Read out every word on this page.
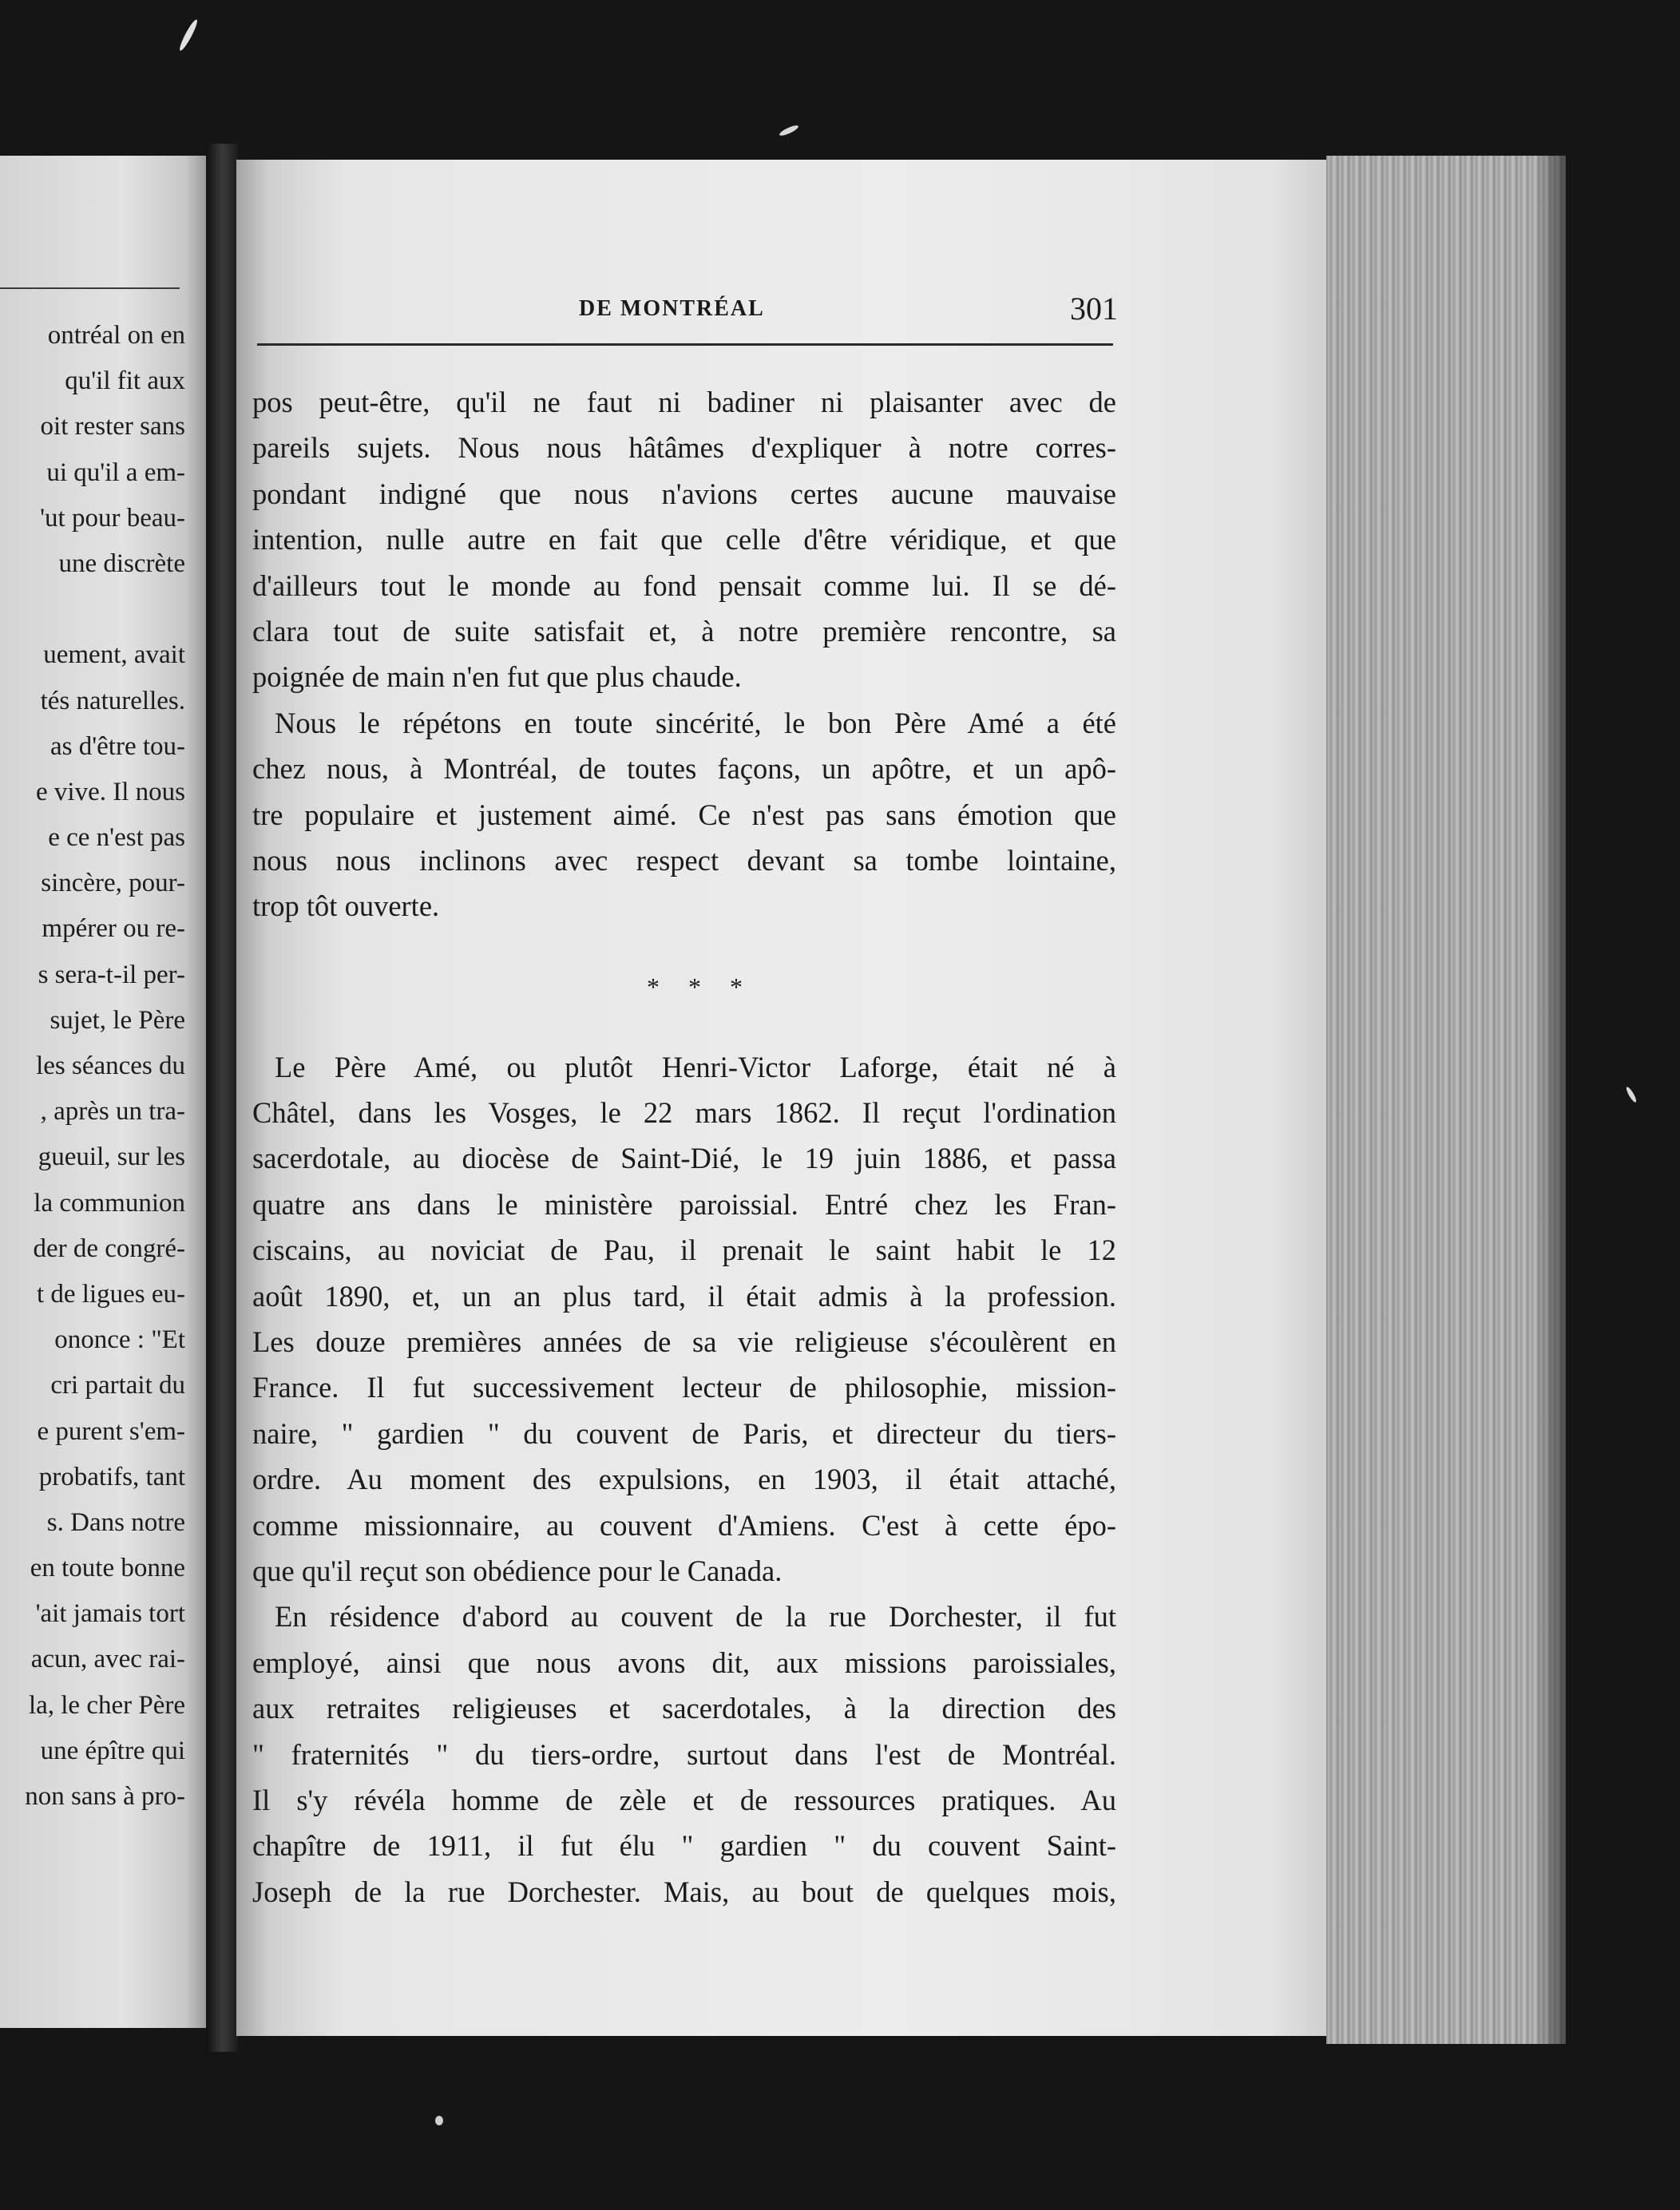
ontréal on en
qu'il fit aux
oit rester sans
ui qu'il a em-
'ut pour beau-
une discrète
uement, avait
tés naturelles.
as d'être tou-
e vive. Il nous
e ce n'est pas
sincère, pour-
mpérer ou re-
s sera-t-il per-
sujet, le Père
les séances du
, après un tra-
gueuil, sur les
la communion
der de congré-
t de ligues eu-
ononce : "Et
cri partait du
e purent s'em-
probatifs, tant
s. Dans notre
en toute bonne
'ait jamais tort
acun, avec rai-
la, le cher Père
une épître qui
non sans à pro-
DE MONTRÉAL	301
pos peut-être, qu'il ne faut ni badiner ni plaisanter avec de
pareils sujets. Nous nous hâtâmes d'expliquer à notre corres-
pondant indigné que nous n'avions certes aucune mauvaise
intention, nulle autre en fait que celle d'être véridique, et que
d'ailleurs tout le monde au fond pensait comme lui. Il se dé-
clara tout de suite satisfait et, à notre première rencontre, sa
poignée de main n'en fut que plus chaude.
Nous le répétons en toute sincérité, le bon Père Amé a été
chez nous, à Montréal, de toutes façons, un apôtre, et un apô-
tre populaire et justement aimé. Ce n'est pas sans émotion que
nous nous inclinons avec respect devant sa tombe lointaine,
trop tôt ouverte.
* * *
Le Père Amé, ou plutôt Henri-Victor Laforge, était né à
Châtel, dans les Vosges, le 22 mars 1862. Il reçut l'ordination
sacerdotale, au diocèse de Saint-Dié, le 19 juin 1886, et passa
quatre ans dans le ministère paroissial. Entré chez les Fran-
ciscains, au noviciat de Pau, il prenait le saint habit le 12
août 1890, et, un an plus tard, il était admis à la profession.
Les douze premières années de sa vie religieuse s'écoulèrent en
France. Il fut successivement lecteur de philosophie, mission-
naire, " gardien " du couvent de Paris, et directeur du tiers-
ordre. Au moment des expulsions, en 1903, il était attaché,
comme missionnaire, au couvent d'Amiens. C'est à cette épo-
que qu'il reçut son obédience pour le Canada.
En résidence d'abord au couvent de la rue Dorchester, il fut
employé, ainsi que nous avons dit, aux missions paroissiales,
aux retraites religieuses et sacerdotales, à la direction des
" fraternités " du tiers-ordre, surtout dans l'est de Montréal.
Il s'y révéla homme de zèle et de ressources pratiques. Au
chapître de 1911, il fut élu " gardien " du couvent Saint-
Joseph de la rue Dorchester. Mais, au bout de quelques mois,
